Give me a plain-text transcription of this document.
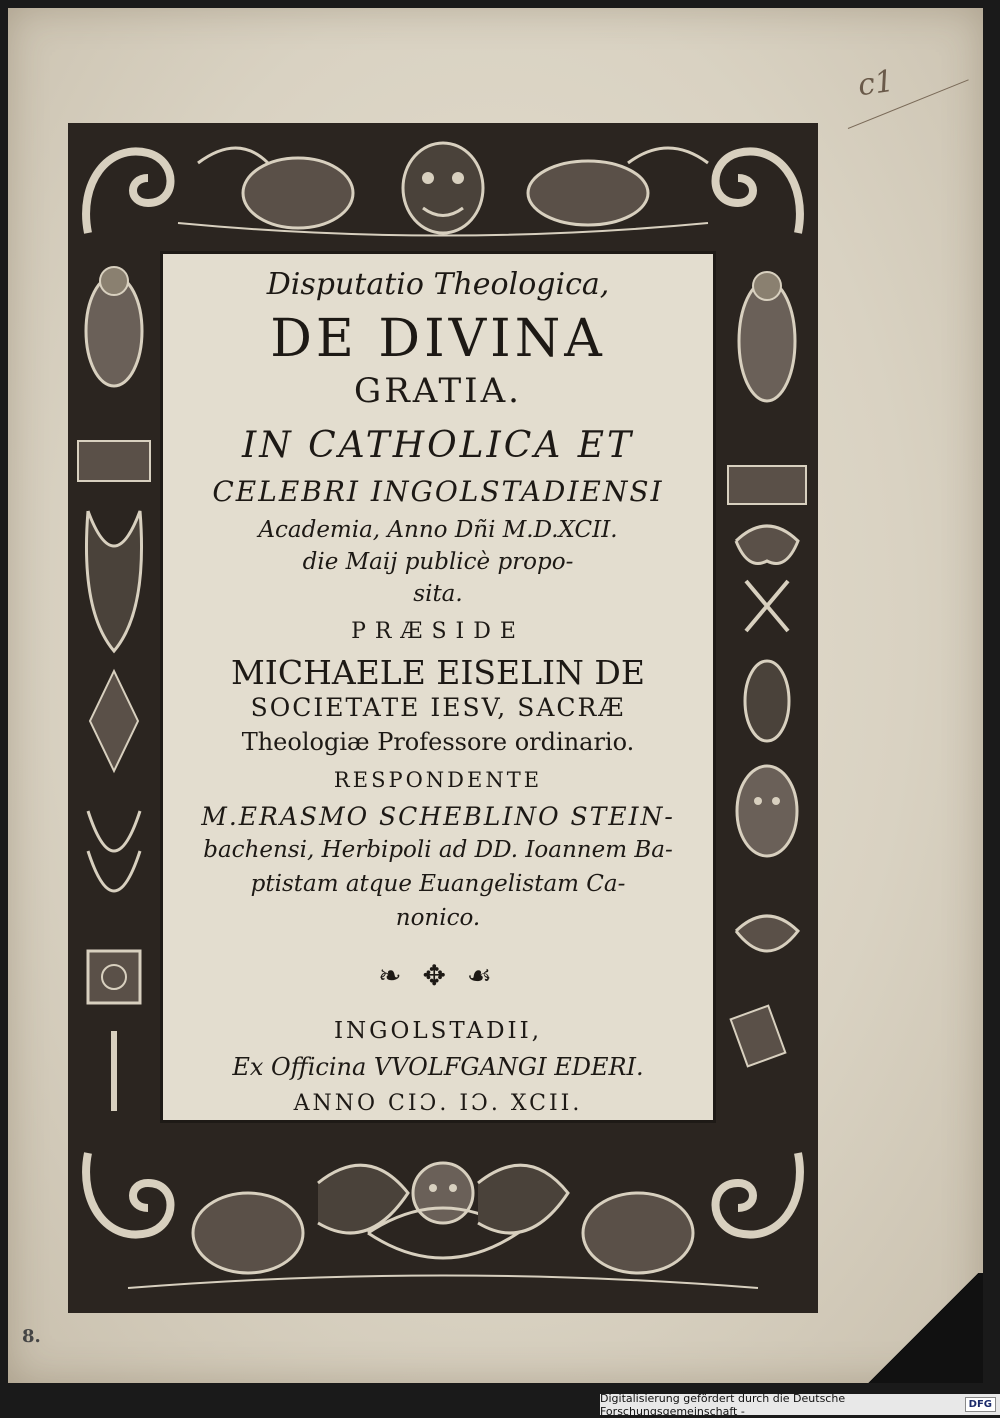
c1
8.
Disputatio Theologica,
DE DIVINA
GRATIA.
IN CATHOLICA ET
CELEBRI INGOLSTADIENSI
Academia, Anno Dñi M.D.XCII.
die Maij publicè propo-
sita.
PRÆSIDE
MICHAELE EISELIN DE
SOCIETATE IESV, SACRÆ
Theologiæ Professore ordinario.
RESPONDENTE
M.ERASMO SCHEBLINO STEIN-
bachensi, Herbipoli ad DD. Ioannem Ba-
ptistam atque Euangelistam Ca-
nonico.
❧ ✥ ☙
INGOLSTADII,
Ex Officina VVOLFGANGI EDERI.
ANNO CIƆ. IƆ. XCII.
Digitalisierung gefördert durch die Deutsche Forschungsgemeinschaft -	DFG
